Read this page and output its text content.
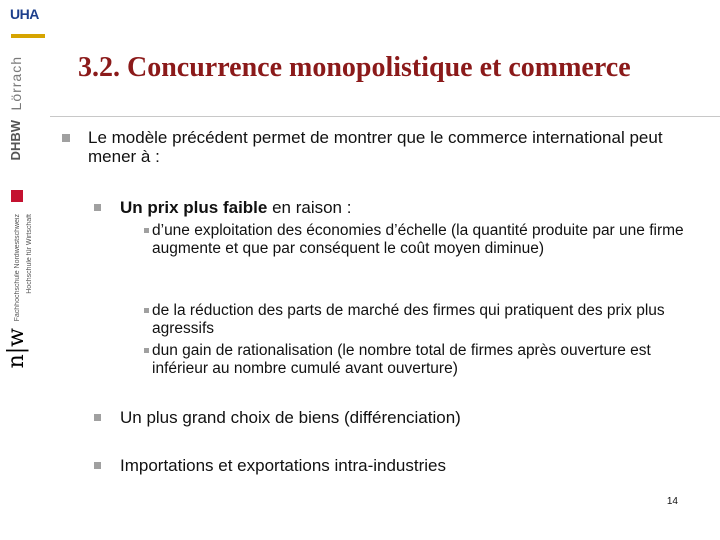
UHA
Lörrach
DHBW
Fachhochschule Nordwestschweiz Hochschule für Wirtschaft
n|w
3.2. Concurrence monopolistique et commerce
Le modèle précédent permet de montrer que le commerce international peut mener à :
Un prix plus faible en raison :
d’une exploitation des économies d’échelle (la quantité produite par une firme augmente et que par conséquent le coût moyen diminue)
de la réduction des parts de marché des firmes qui pratiquent des prix plus agressifs
dun gain de rationalisation (le nombre total de firmes après ouverture est inférieur au nombre cumulé avant ouverture)
Un plus grand choix de biens (différenciation)
Importations et exportations intra-industries
14
